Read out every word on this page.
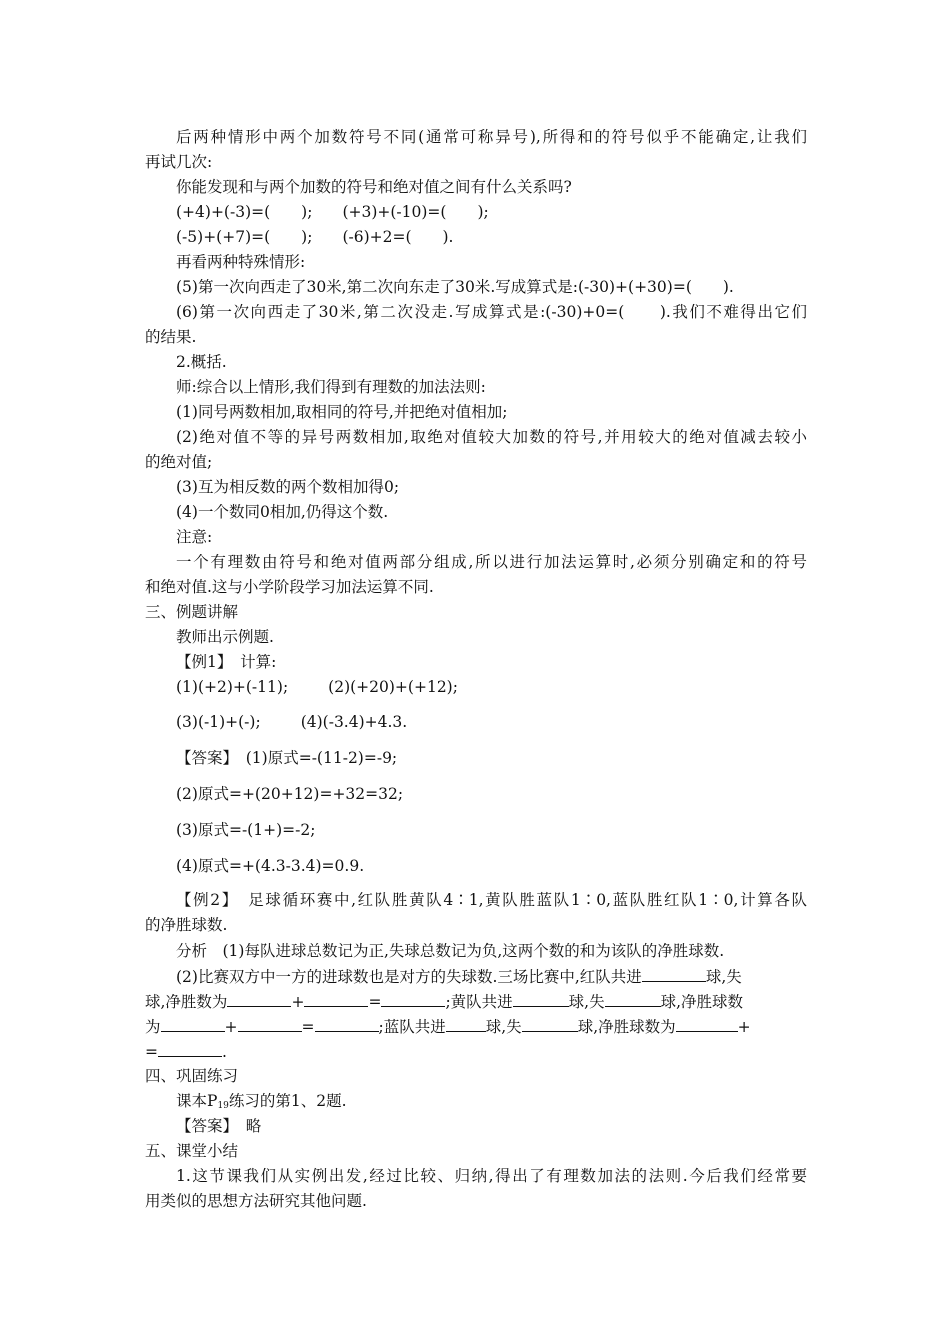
后两种情形中两个加数符号不同(通常可称异号),所得和的符号似乎不能确定,让我们
再试几次:
你能发现和与两个加数的符号和绝对值之间有什么关系吗?
(+4)+(-3)=(　　); (+3)+(-10)=(　　);
(-5)+(+7)=(　　); (-6)+2=(　　).
再看两种特殊情形:
(5)第一次向西走了30米,第二次向东走了30米.写成算式是:(-30)+(+30)=(　　).
(6)第一次向西走了30米,第二次没走.写成算式是:(-30)+0=(　　).我们不难得出它们
的结果.
2.概括.
师:综合以上情形,我们得到有理数的加法法则:
(1)同号两数相加,取相同的符号,并把绝对值相加;
(2)绝对值不等的异号两数相加,取绝对值较大加数的符号,并用较大的绝对值减去较小
的绝对值;
(3)互为相反数的两个数相加得0;
(4)一个数同0相加,仍得这个数.
注意:
一个有理数由符号和绝对值两部分组成,所以进行加法运算时,必须分别确定和的符号
和绝对值.这与小学阶段学习加法运算不同.
三、例题讲解
教师出示例题.
【例1】　计算:
(1)(+2)+(-11);	(2)(+20)+(+12);
(3)(-1)+(-);	(4)(-3.4)+4.3.
【答案】　(1)原式=-(11-2)=-9;
(2)原式=+(20+12)=+32=32;
(3)原式=-(1+)=-2;
(4)原式=+(4.3-3.4)=0.9.
【例2】　足球循环赛中,红队胜黄队4∶1,黄队胜蓝队1∶0,蓝队胜红队1∶0,计算各队
的净胜球数.
分析　(1)每队进球总数记为正,失球总数记为负,这两个数的和为该队的净胜球数.
(2)比赛双方中一方的进球数也是对方的失球数.三场比赛中,红队共进	球,失
球,净胜数为	+	=	;黄队共进	球,失	球,净胜球数
为	+	=	;蓝队共进	球,失	球,净胜球数为	+
=	.
四、巩固练习
课本$P_{19}$练习的第1、2题.
【答案】　略
五、课堂小结
1.这节课我们从实例出发,经过比较、归纳,得出了有理数加法的法则.今后我们经常要
用类似的思想方法研究其他问题.
